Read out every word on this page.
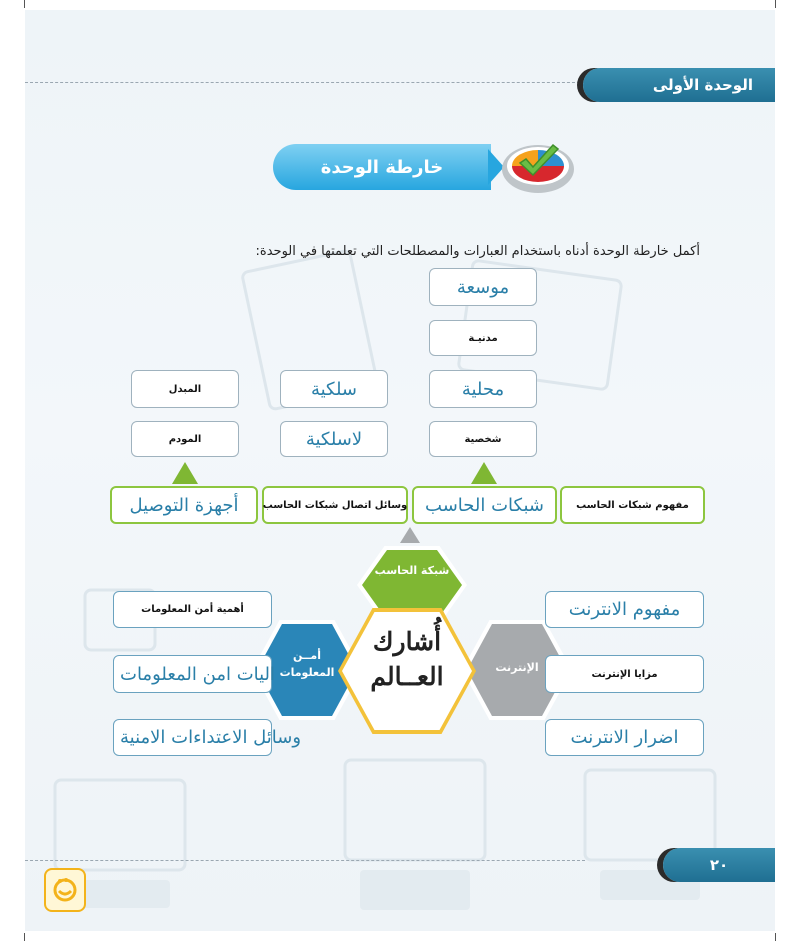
الوحدة الأولى
خارطة الوحدة
أكمل خارطة الوحدة أدناه باستخدام العبارات والمصطلحات التي تعلمتها في الوحدة:
موسعة
مدنيـة
محلية
شخصية
سلكية
لاسلكية
المبدل
المودم
مفهوم شبكات الحاسب
شبكات الحاسب
وسائل اتصال شبكات الحاسب
أجهزة التوصيل
شبكة الحاسب
الإنترنت
أمــن المعلومات
أُشارك
العــالم
مفهوم الانترنت
مزايا الإنترنت
اضرار الانترنت
أهمية أمن المعلومات
اليات امن المعلومات
وسائل الاعتداءات الامنية
٢٠
